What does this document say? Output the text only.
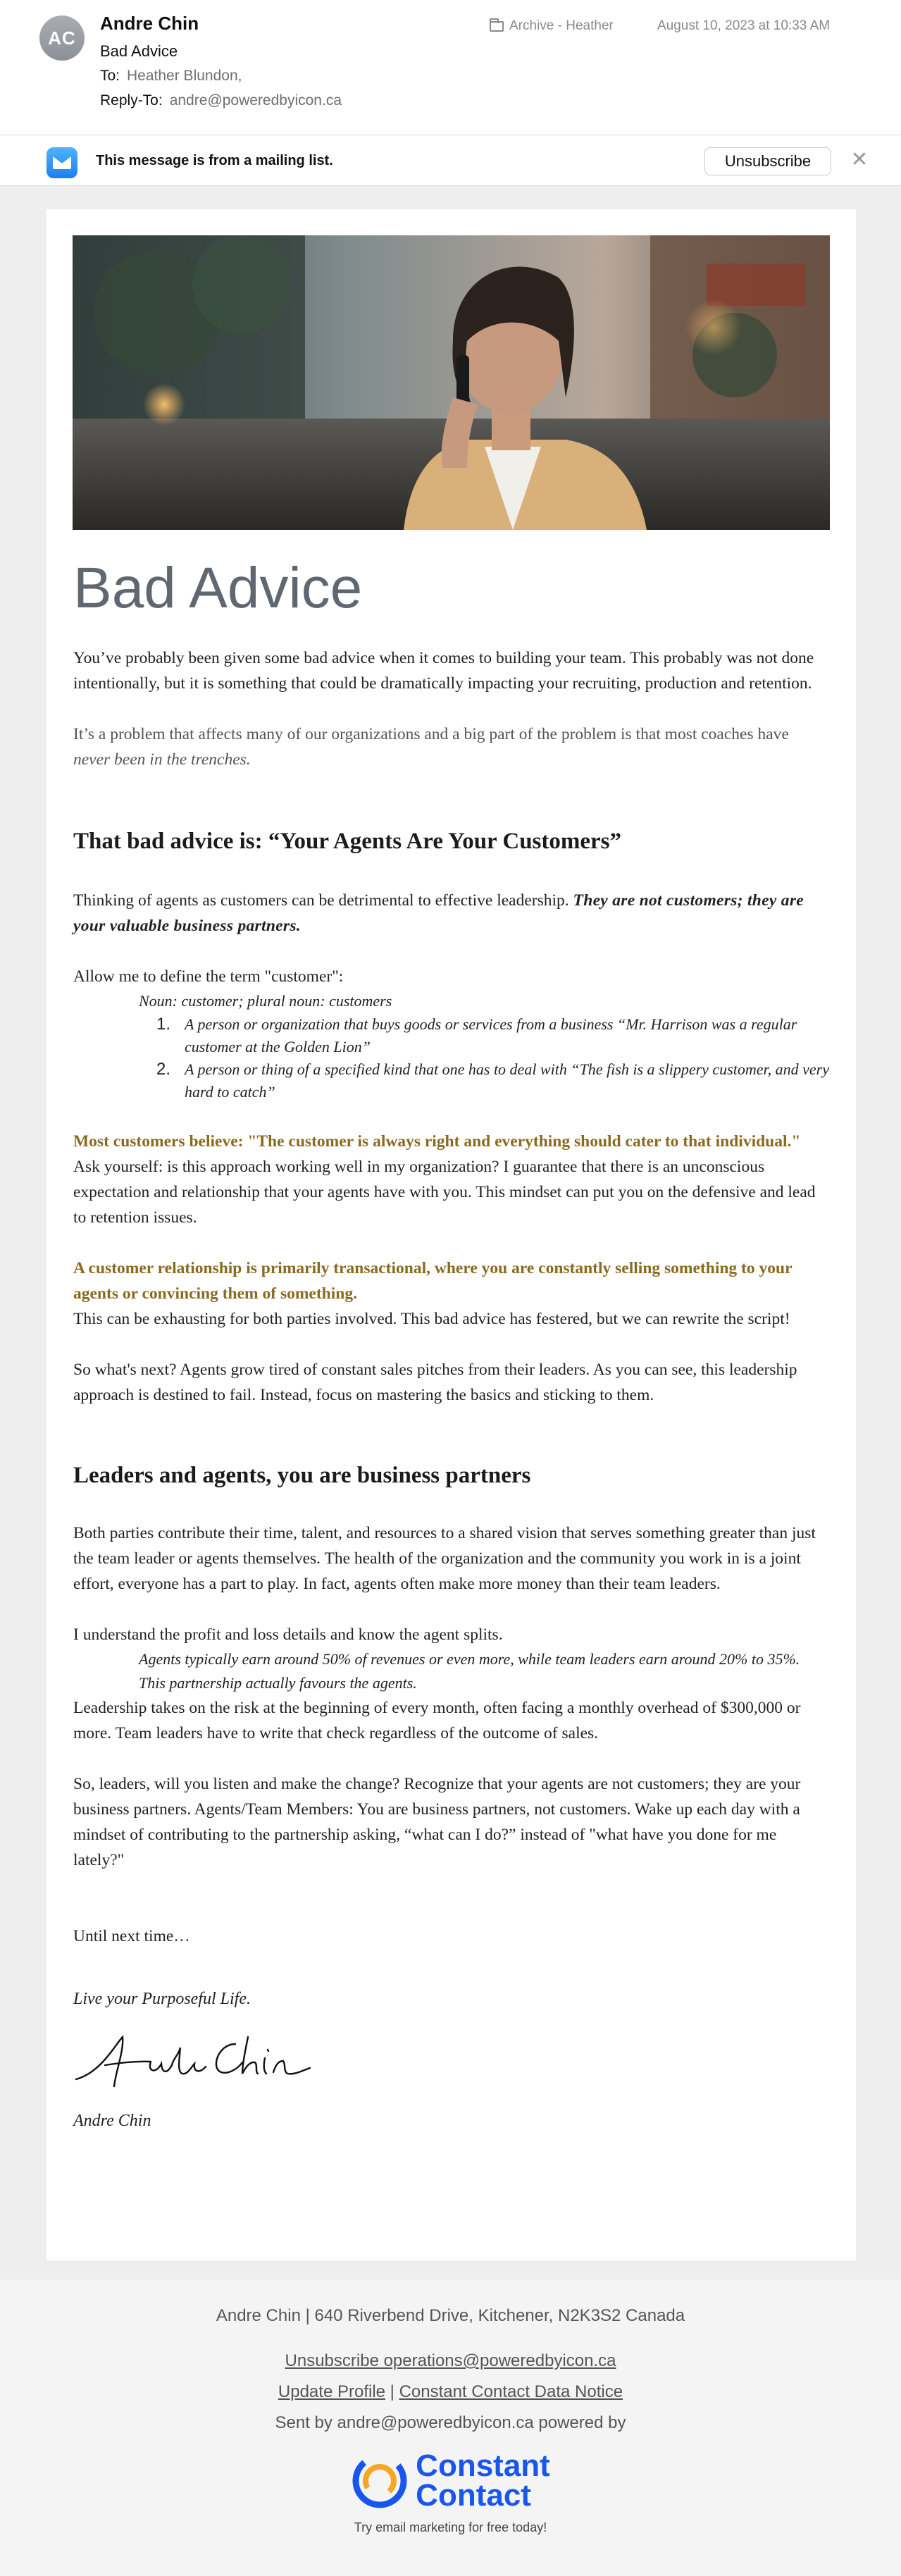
AC
Andre Chin
Bad Advice
To: Heather Blundon,
Reply-To: andre@poweredbyicon.ca
Archive - Heather	August 10, 2023 at 10:33 AM
This message is from a mailing list.	Unsubscribe	✕
Bad Advice

You’ve probably been given some bad advice when it comes to building your team. This probably was not done intentionally, but it is something that could be dramatically impacting your recruiting, production and retention.

It’s a problem that affects many of our organizations and a big part of the problem is that most coaches have never been in the trenches.

That bad advice is: “Your Agents Are Your Customers”

Thinking of agents as customers can be detrimental to effective leadership. They are not customers; they are your valuable business partners.

Allow me to define the term "customer":

Noun: customer; plural noun: customers

1. A person or organization that buys goods or services from a business “Mr. Harrison was a regular customer at the Golden Lion”
2. A person or thing of a specified kind that one has to deal with “The fish is a slippery customer, and very hard to catch”

Most customers believe: "The customer is always right and everything should cater to that individual."

Ask yourself: is this approach working well in my organization? I guarantee that there is an unconscious expectation and relationship that your agents have with you. This mindset can put you on the defensive and lead to retention issues.

A customer relationship is primarily transactional, where you are constantly selling something to your agents or convincing them of something.

This can be exhausting for both parties involved. This bad advice has festered, but we can rewrite the script!

So what's next? Agents grow tired of constant sales pitches from their leaders. As you can see, this leadership approach is destined to fail. Instead, focus on mastering the basics and sticking to them.

Leaders and agents, you are business partners

Both parties contribute their time, talent, and resources to a shared vision that serves something greater than just the team leader or agents themselves. The health of the organization and the community you work in is a joint effort, everyone has a part to play. In fact, agents often make more money than their team leaders.

I understand the profit and loss details and know the agent splits.

Agents typically earn around 50% of revenues or even more, while team leaders earn around 20% to 35%. This partnership actually favours the agents.

Leadership takes on the risk at the beginning of every month, often facing a monthly overhead of $300,000 or more. Team leaders have to write that check regardless of the outcome of sales.

So, leaders, will you listen and make the change? Recognize that your agents are not customers; they are your business partners. Agents/Team Members: You are business partners, not customers. Wake up each day with a mindset of contributing to the partnership asking, “what can I do?” instead of "what have you done for me lately?"

Until next time…

Live your Purposeful Life.

Andre Chin

Andre Chin

Andre Chin | 640 Riverbend Drive, Kitchener, N2K3S2 Canada
Unsubscribe operations@poweredbyicon.ca
Update Profile | Constant Contact Data Notice
Sent by andre@poweredbyicon.ca powered by
Constant
Contact
Try email marketing for free today!
